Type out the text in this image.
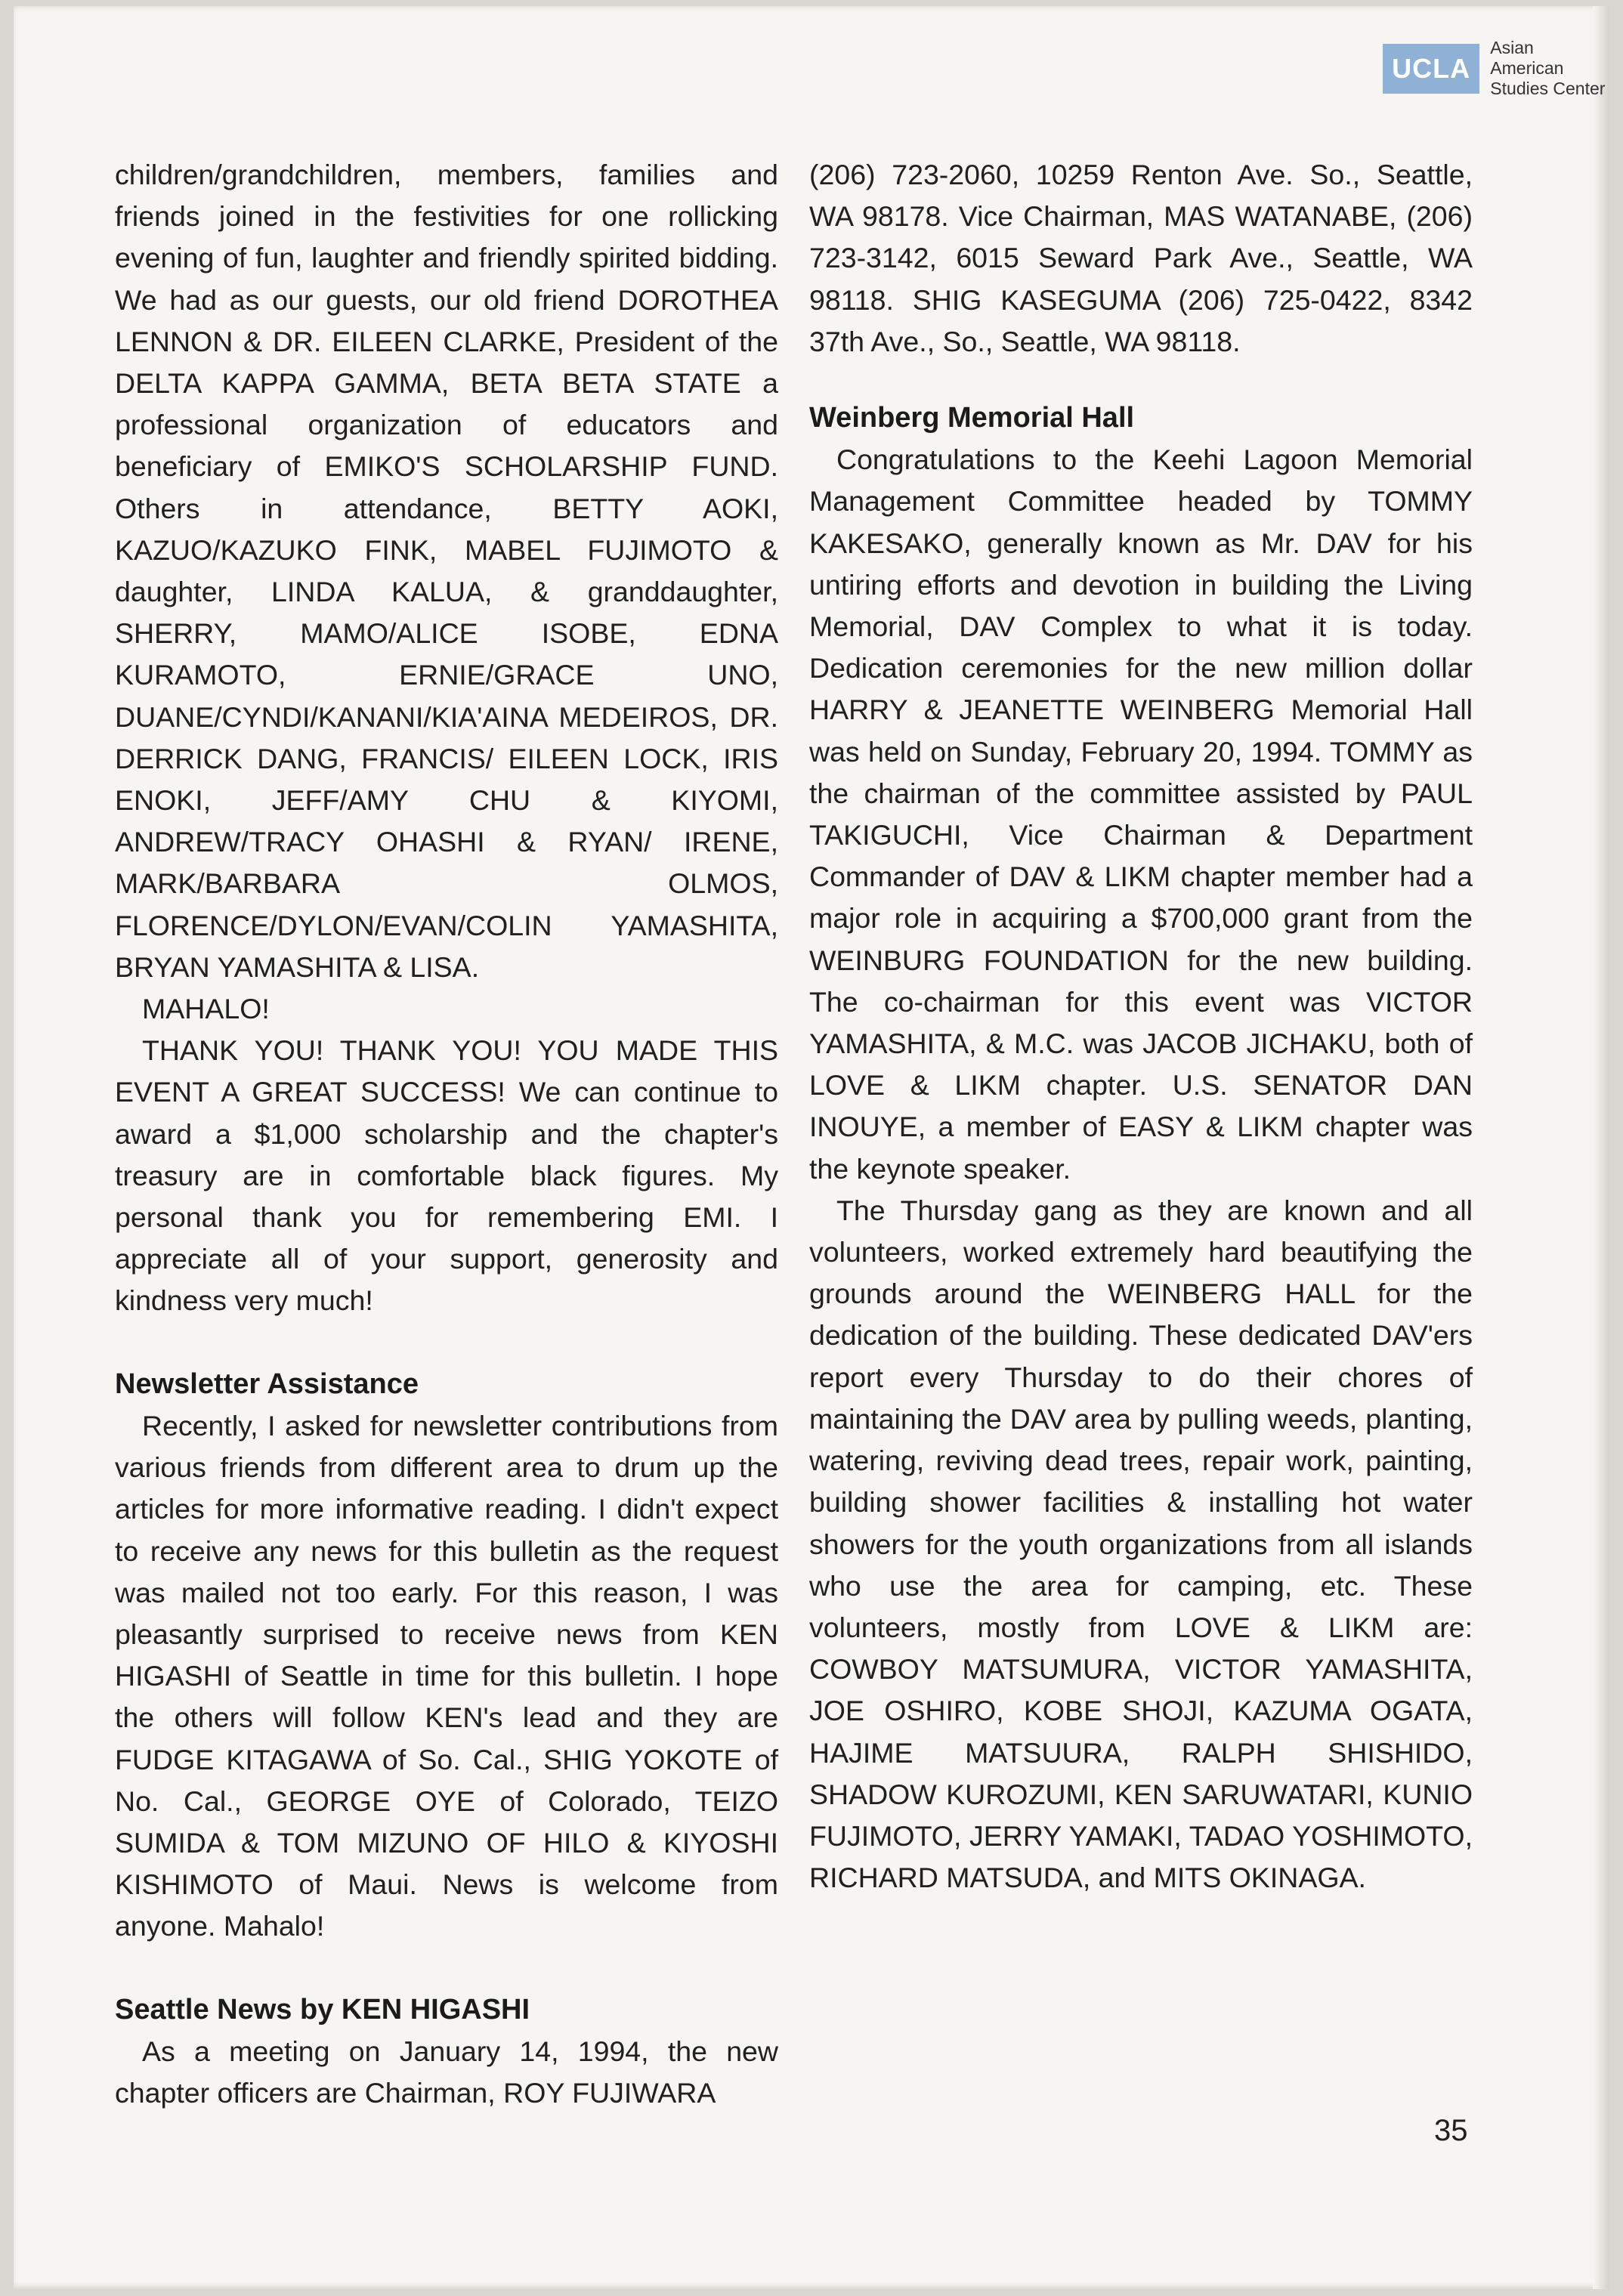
UCLA
Asian American
Studies Center

children/grandchildren, members, families and friends joined in the festivities for one rollicking evening of fun, laughter and friendly spirited bidding. We had as our guests, our old friend DOROTHEA LENNON & DR. EILEEN CLARKE, President of the DELTA KAPPA GAMMA, BETA BETA STATE a professional organization of educators and beneficiary of EMIKO'S SCHOLARSHIP FUND. Others in attendance, BETTY AOKI, KAZUO/KAZUKO FINK, MABEL FUJIMOTO & daughter, LINDA KALUA, & granddaughter, SHERRY, MAMO/ALICE ISOBE, EDNA KURAMOTO, ERNIE/GRACE UNO, DUANE/CYNDI/KANANI/KIA'AINA MEDEIROS, DR. DERRICK DANG, FRANCIS/ EILEEN LOCK, IRIS ENOKI, JEFF/AMY CHU & KIYOMI, ANDREW/TRACY OHASHI & RYAN/ IRENE, MARK/BARBARA OLMOS, FLORENCE/DYLON/EVAN/COLIN YAMASHITA, BRYAN YAMASHITA & LISA.

MAHALO!

THANK YOU! THANK YOU! YOU MADE THIS EVENT A GREAT SUCCESS! We can continue to award a $1,000 scholarship and the chapter's treasury are in comfortable black figures. My personal thank you for remembering EMI. I appreciate all of your support, generosity and kindness very much!

Newsletter Assistance

Recently, I asked for newsletter contributions from various friends from different area to drum up the articles for more informative reading. I didn't expect to receive any news for this bulletin as the request was mailed not too early. For this reason, I was pleasantly surprised to receive news from KEN HIGASHI of Seattle in time for this bulletin. I hope the others will follow KEN's lead and they are FUDGE KITAGAWA of So. Cal., SHIG YOKOTE of No. Cal., GEORGE OYE of Colorado, TEIZO SUMIDA & TOM MIZUNO OF HILO & KIYOSHI KISHIMOTO of Maui. News is welcome from anyone. Mahalo!

Seattle News by KEN HIGASHI

As a meeting on January 14, 1994, the new chapter officers are Chairman, ROY FUJIWARA

(206) 723-2060, 10259 Renton Ave. So., Seattle, WA 98178. Vice Chairman, MAS WATANABE, (206) 723-3142, 6015 Seward Park Ave., Seattle, WA 98118. SHIG KASEGUMA (206) 725-0422, 8342 37th Ave., So., Seattle, WA 98118.

Weinberg Memorial Hall

Congratulations to the Keehi Lagoon Memorial Management Committee headed by TOMMY KAKESAKO, generally known as Mr. DAV for his untiring efforts and devotion in building the Living Memorial, DAV Complex to what it is today. Dedication ceremonies for the new million dollar HARRY & JEANETTE WEINBERG Memorial Hall was held on Sunday, February 20, 1994. TOMMY as the chairman of the committee assisted by PAUL TAKIGUCHI, Vice Chairman & Department Commander of DAV & LIKM chapter member had a major role in acquiring a $700,000 grant from the WEINBURG FOUNDATION for the new building. The co-chairman for this event was VICTOR YAMASHITA, & M.C. was JACOB JICHAKU, both of LOVE & LIKM chapter. U.S. SENATOR DAN INOUYE, a member of EASY & LIKM chapter was the keynote speaker.

The Thursday gang as they are known and all volunteers, worked extremely hard beautifying the grounds around the WEINBERG HALL for the dedication of the building. These dedicated DAV'ers report every Thursday to do their chores of maintaining the DAV area by pulling weeds, planting, watering, reviving dead trees, repair work, painting, building shower facilities & installing hot water showers for the youth organizations from all islands who use the area for camping, etc. These volunteers, mostly from LOVE & LIKM are: COWBOY MATSUMURA, VICTOR YAMASHITA, JOE OSHIRO, KOBE SHOJI, KAZUMA OGATA, HAJIME MATSUURA, RALPH SHISHIDO, SHADOW KUROZUMI, KEN SARUWATARI, KUNIO FUJIMOTO, JERRY YAMAKI, TADAO YOSHIMOTO, RICHARD MATSUDA, and MITS OKINAGA.

35
